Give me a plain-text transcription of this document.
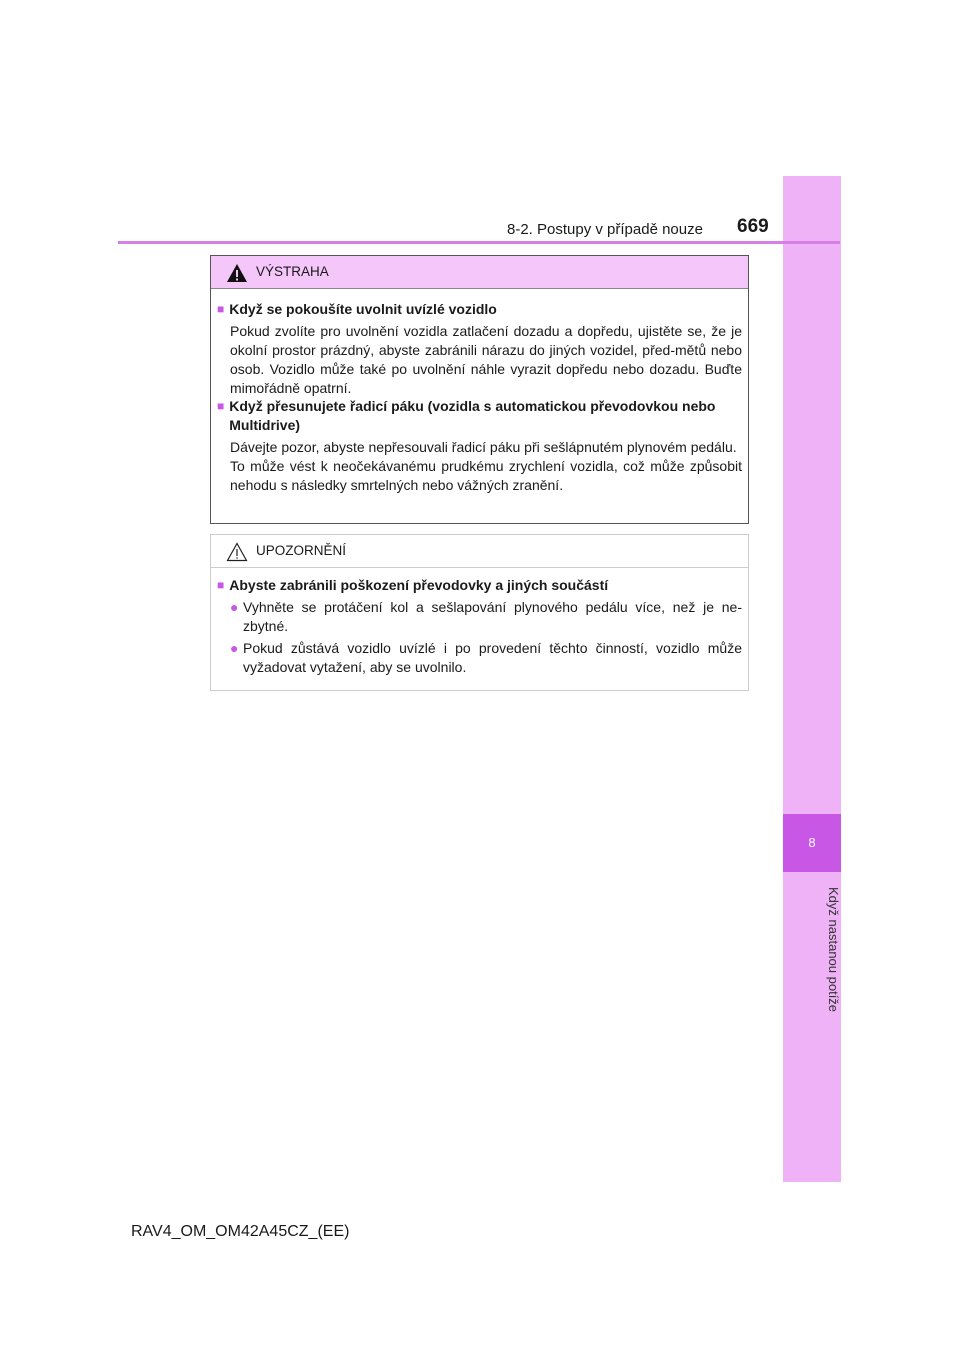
8
Když nastanou potíže
8-2. Postupy v případě nouze 669
VÝSTRAHA
■ Když se pokoušíte uvolnit uvízlé vozidlo
Pokud zvolíte pro uvolnění vozidla zatlačení dozadu a dopředu, ujistěte se, že je okolní prostor prázdný, abyste zabránili nárazu do jiných vozidel, před-mětů nebo osob. Vozidlo může také po uvolnění náhle vyrazit dopředu nebo dozadu. Buďte mimořádně opatrní.
■ Když přesunujete řadicí páku (vozidla s automatickou převodovkou nebo Multidrive)
Dávejte pozor, abyste nepřesouvali řadicí páku při sešlápnutém plynovém pedálu.
To může vést k neočekávanému prudkému zrychlení vozidla, což může způsobit nehodu s následky smrtelných nebo vážných zranění.
UPOZORNĚNÍ
■ Abyste zabránili poškození převodovky a jiných součástí
● Vyhněte se protáčení kol a sešlapování plynového pedálu více, než je ne-zbytné.
● Pokud zůstává vozidlo uvízlé i po provedení těchto činností, vozidlo může vyžadovat vytažení, aby se uvolnilo.
RAV4_OM_OM42A45CZ_(EE)
